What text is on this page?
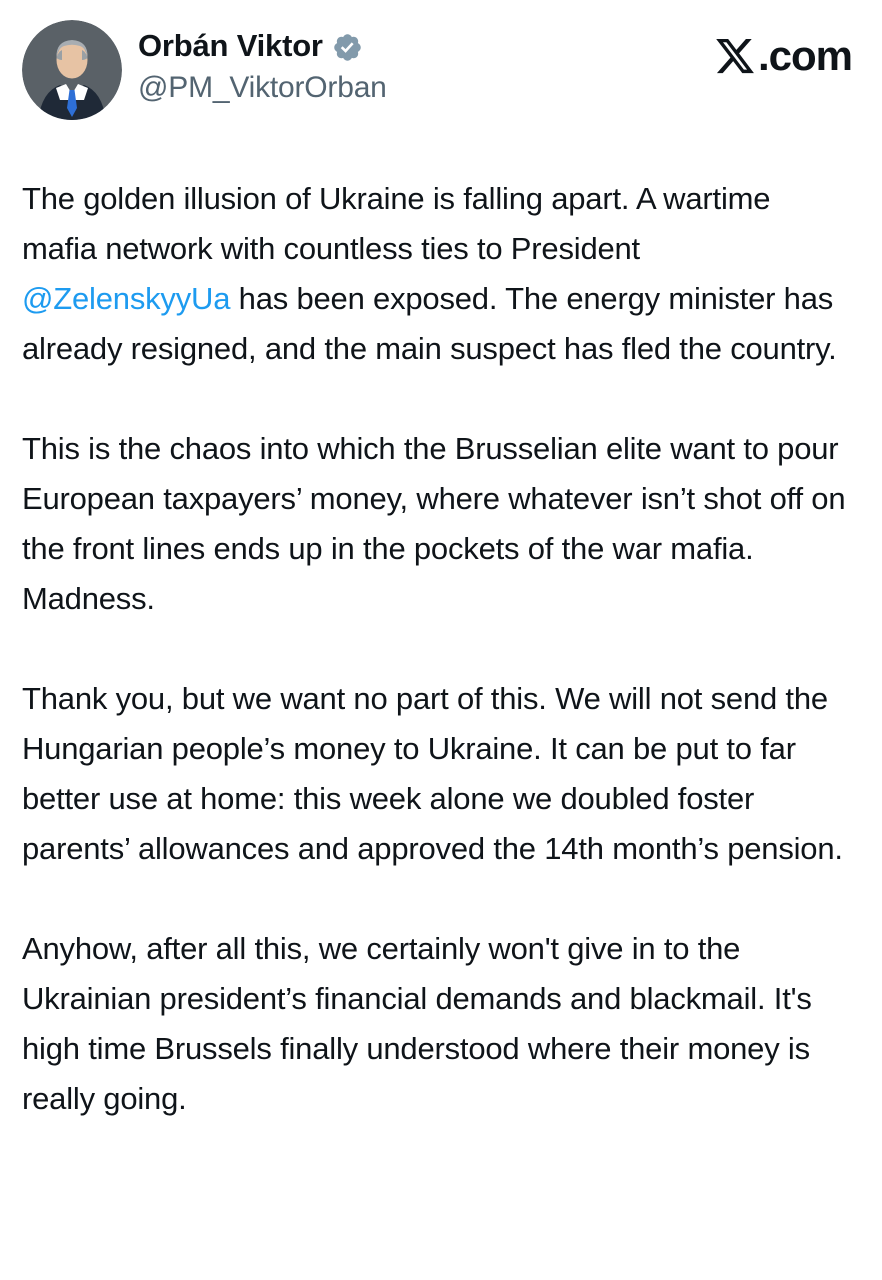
Orbán Viktor
@PM_ViktorOrban
.com

The golden illusion of Ukraine is falling apart. A wartime mafia network with countless ties to President @ZelenskyyUa has been exposed. The energy minister has already resigned, and the main suspect has fled the country.

This is the chaos into which the Brusselian elite want to pour European taxpayers’ money, where whatever isn’t shot off on the front lines ends up in the pockets of the war mafia. Madness.

Thank you, but we want no part of this. We will not send the Hungarian people’s money to Ukraine. It can be put to far better use at home: this week alone we doubled foster parents’ allowances and approved the 14th month’s pension.

Anyhow, after all this, we certainly won't give in to the Ukrainian president’s financial demands and blackmail. It's high time Brussels finally understood where their money is really going.
